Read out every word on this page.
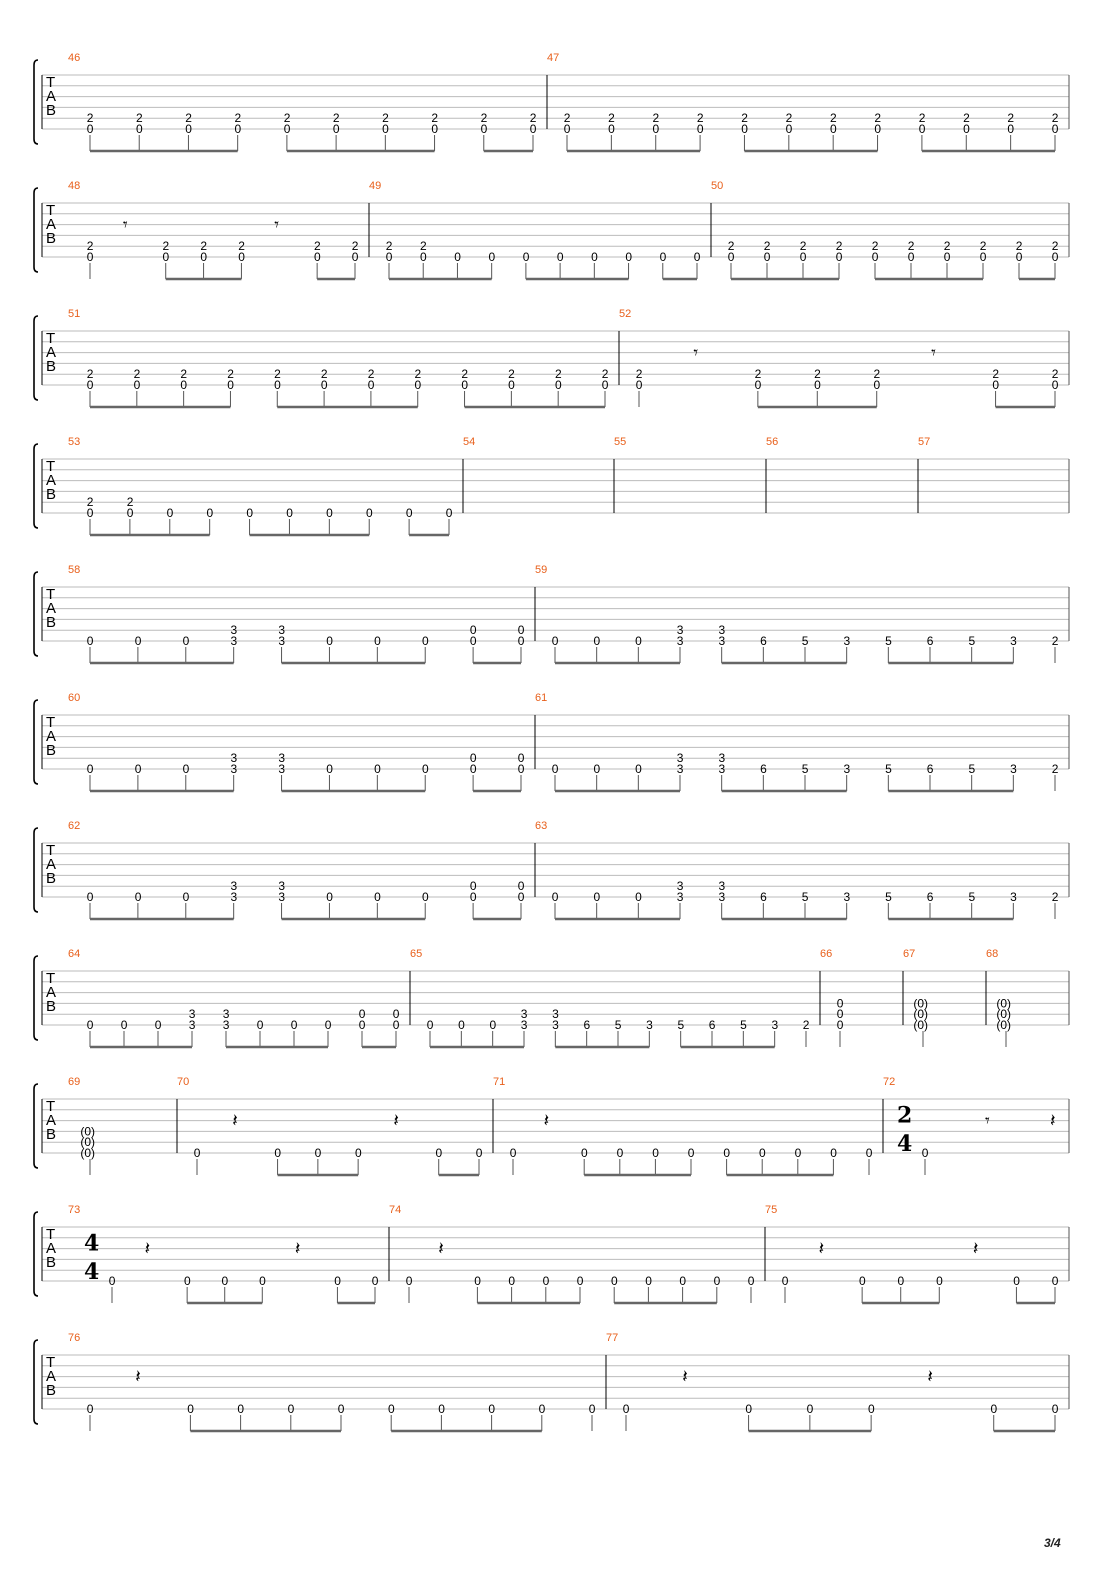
T
A
B
46
2
0
2
0
2
0
2
0
2
0
2
0
2
0
2
0
2
0
2
0
47
2
0
2
0
2
0
2
0
2
0
2
0
2
0
2
0
2
0
2
0
2
0
2
0
T
A
B
48
2
0
𝄾
2
0
2
0
2
0
𝄾
2
0
2
0
49
2
0
2
0 0 0 0 0 0 0 0 0
50
2
0
2
0
2
0
2
0
2
0
2
0
2
0
2
0
2
0
2
0
T
A
B
51
2
0
2
0
2
0
2
0
2
0
2
0
2
0
2
0
2
0
2
0
2
0
2
0
52
2
0
𝄾
2
0
2
0
2
0
𝄾
2
0
2
0
T
A
B
53
2
0
2
0	0	0	0	0	0	0	0	0
54	55	56	57
T
A
B
58
0	0	0
3
3
3
3	0	0	0
0
0
0
0
59
0	0	0
3
3
3
3	6	5	3	5	6	5	3	2
T
A
B
60
0	0	0
3
3
3
3	0	0	0
0
0
0
0
61
0	0	0
3
3
3
3	6	5	3	5	6	5	3	2
T
A
B
62
0	0	0
3
3
3
3	0	0	0
0
0
0
0
63
0	0	0
3
3
3
3	6	5	3	5	6	5	3	2
T
A
B
64
0 0 0
3
3
3
3 0 0 0
0
0
0
0
65
0 0 0
3
3
3
3 6 5 3 5 6 5 3 2
66
0
0
0
67
(0)
(0)
(0)
68
(0)
(0)
(0)
T
A
B
69
(0)
(0)
(0)
70
0
𝄽
0	0	0
𝄽
0	0
71
0
𝄽
0 0 0 0 0 0 0 0 0
72
2
4 0
𝄾	𝄽
T
A
B
73
4
4 0
𝄽
0	0	0
𝄽
0	0
74
0
𝄽
0 0 0 0 0 0 0 0 0
75
0
𝄽
0	0	0
𝄽
0	0
T
A
B
76
0
𝄽
0	0	0	0	0	0	0	0	0
77
0
𝄽
0	0	0
𝄽
0	0
3/4
